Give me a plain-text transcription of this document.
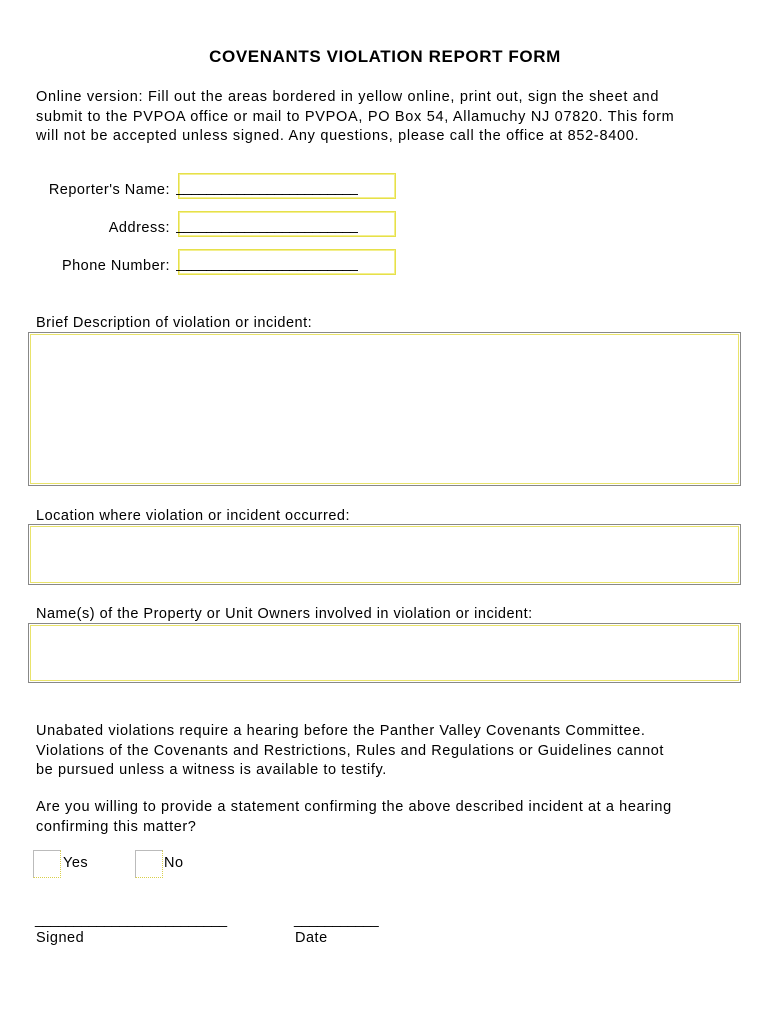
COVENANTS VIOLATION REPORT FORM
Online version: Fill out the areas bordered in yellow online, print out, sign the sheet and
submit to the PVPOA office or mail to PVPOA, PO Box 54, Allamuchy NJ 07820. This form
will not be accepted unless signed. Any questions, please call the office at 852-8400.
Reporter's Name: ________________________
Address: ________________________
Phone Number: ________________________
Brief Description of violation or incident:
Location where violation or incident occurred:
Name(s) of the Property or Unit Owners involved in violation or incident:
Unabated violations require a hearing before the Panther Valley Covenants Committee.
Violations of the Covenants and Restrictions, Rules and Regulations or Guidelines cannot
be pursued unless a witness is available to testify.
Are you willing to provide a statement confirming the above described incident at a hearing
confirming this matter?
Yes	No
_________________________
Signed
___________
Date
